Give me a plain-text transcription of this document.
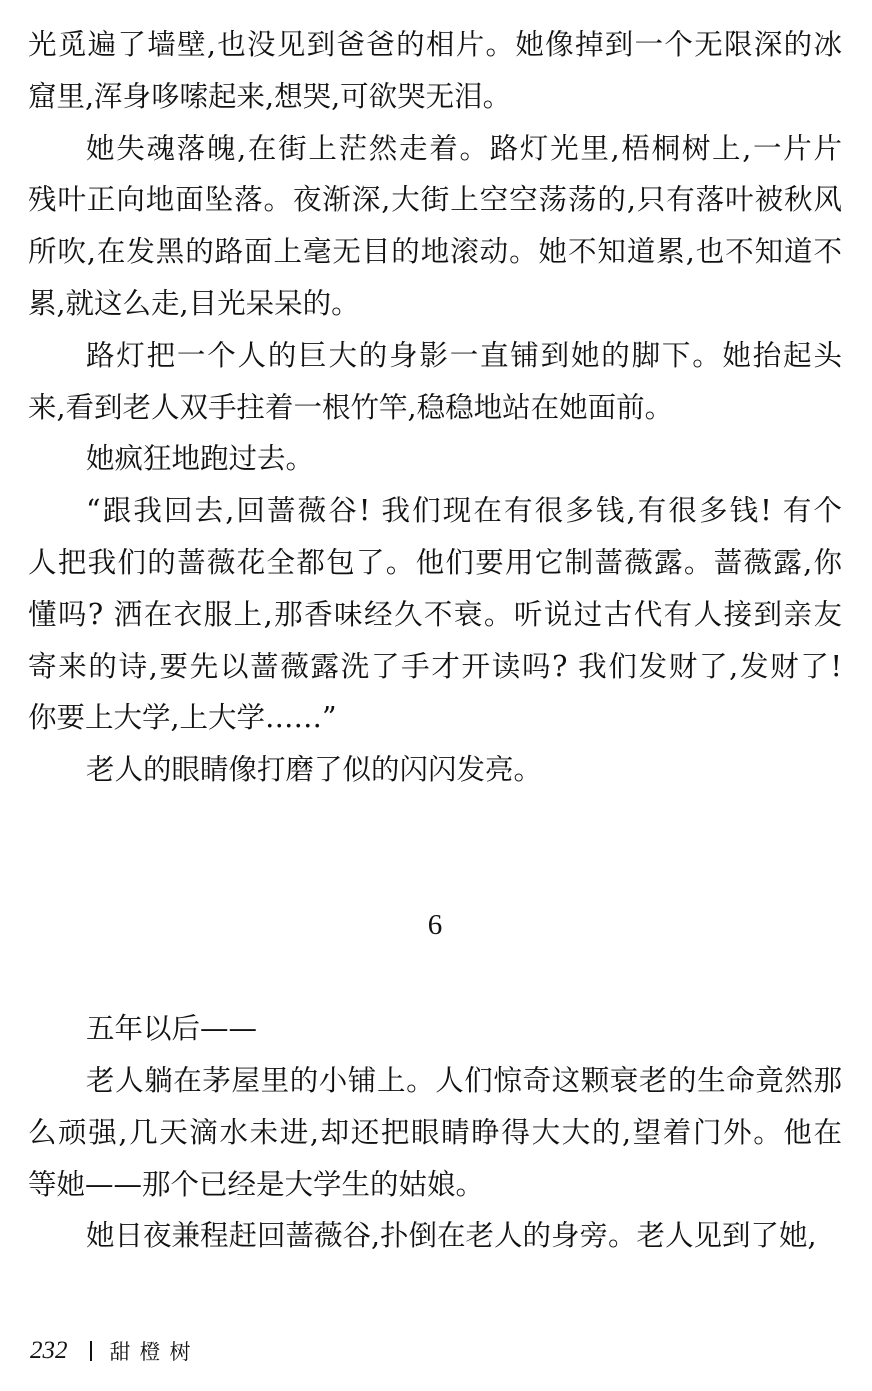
光觅遍了墙壁,也没见到爸爸的相片。她像掉到一个无限深的冰
窟里,浑身哆嗦起来,想哭,可欲哭无泪。
她失魂落魄,在街上茫然走着。路灯光里,梧桐树上,一片片
残叶正向地面坠落。夜渐深,大街上空空荡荡的,只有落叶被秋风
所吹,在发黑的路面上毫无目的地滚动。她不知道累,也不知道不
累,就这么走,目光呆呆的。
路灯把一个人的巨大的身影一直铺到她的脚下。她抬起头
来,看到老人双手拄着一根竹竿,稳稳地站在她面前。
她疯狂地跑过去。
“跟我回去,回蔷薇谷! 我们现在有很多钱,有很多钱! 有个
人把我们的蔷薇花全都包了。他们要用它制蔷薇露。蔷薇露,你
懂吗? 洒在衣服上,那香味经久不衰。听说过古代有人接到亲友
寄来的诗,要先以蔷薇露洗了手才开读吗? 我们发财了,发财了!
你要上大学,上大学……”
老人的眼睛像打磨了似的闪闪发亮。
6
五年以后——
老人躺在茅屋里的小铺上。人们惊奇这颗衰老的生命竟然那
么顽强,几天滴水未进,却还把眼睛睁得大大的,望着门外。他在
等她——那个已经是大学生的姑娘。
她日夜兼程赶回蔷薇谷,扑倒在老人的身旁。老人见到了她,
232 甜橙树
